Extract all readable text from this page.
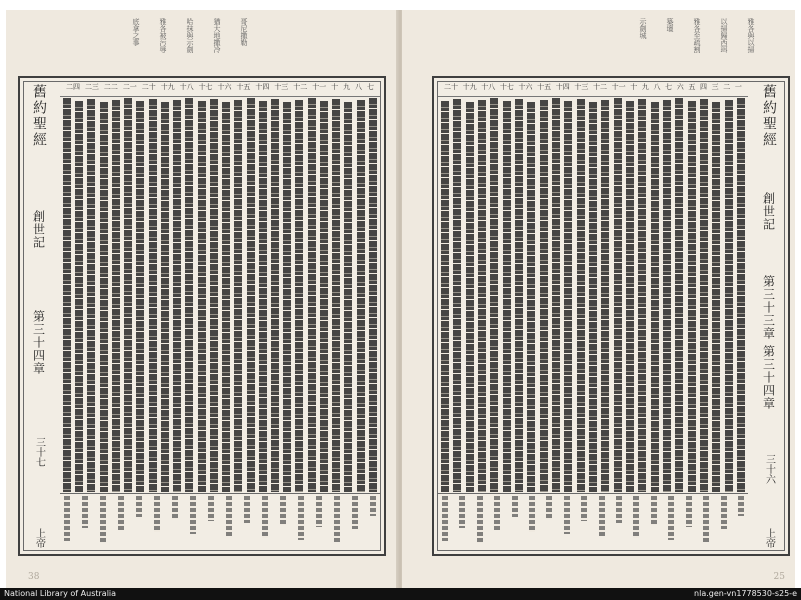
哥尼撒勒
猶大地撒冷
哈抹與示劍
雅各被污辱
底拿之事
舊約聖經
創世記
第三十四章
三十七
上帝
七
八
九
十
十一
十二
十三
十四
十五
十六
十七
十八
十九
二十
二一
二二
二三
二四
38
雅各與以掃
以掃歸西珥
雅各至疏割
築壇
示劍城
舊約聖經
創世記
第三十三章 第三十四章
三十六
上帝
一
二
三
四
五
六
七
八
九
十
十一
十二
十三
十四
十五
十六
十七
十八
十九
二十
25
National Library of Australia	nla.gen-vn1778530-s25-e
